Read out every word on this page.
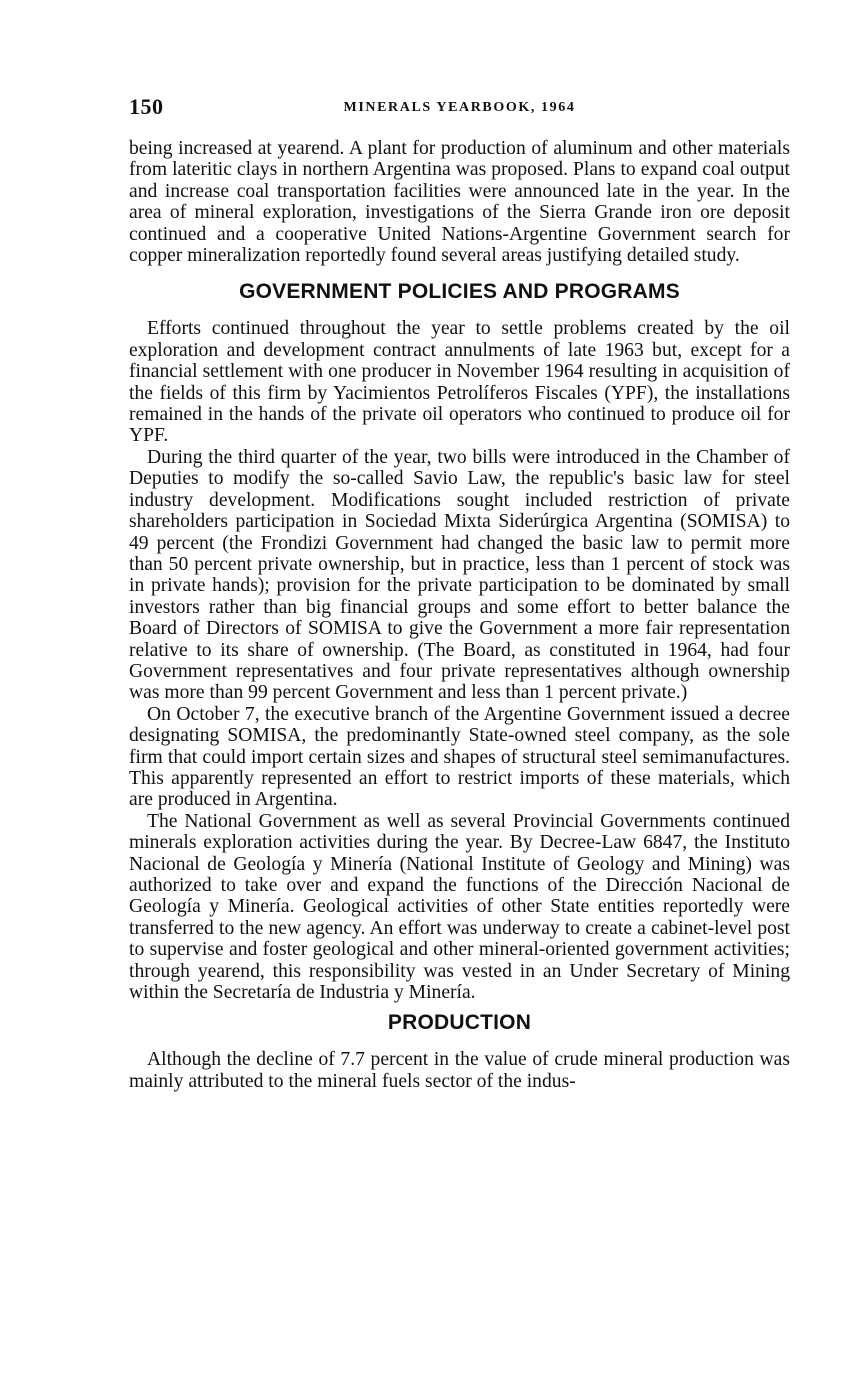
150	MINERALS YEARBOOK, 1964

being increased at yearend. A plant for production of aluminum and other materials from lateritic clays in northern Argentina was proposed. Plans to expand coal output and increase coal transportation facilities were announced late in the year. In the area of mineral exploration, investigations of the Sierra Grande iron ore deposit continued and a cooperative United Nations-Argentine Government search for copper mineralization reportedly found several areas justifying detailed study.

GOVERNMENT POLICIES AND PROGRAMS

Efforts continued throughout the year to settle problems created by the oil exploration and development contract annulments of late 1963 but, except for a financial settlement with one producer in November 1964 resulting in acquisition of the fields of this firm by Yacimientos Petrolíferos Fiscales (YPF), the installations remained in the hands of the private oil operators who continued to produce oil for YPF.

During the third quarter of the year, two bills were introduced in the Chamber of Deputies to modify the so-called Savio Law, the republic's basic law for steel industry development. Modifications sought included restriction of private shareholders participation in Sociedad Mixta Siderúrgica Argentina (SOMISA) to 49 percent (the Frondizi Government had changed the basic law to permit more than 50 percent private ownership, but in practice, less than 1 percent of stock was in private hands); provision for the private participation to be dominated by small investors rather than big financial groups and some effort to better balance the Board of Directors of SOMISA to give the Government a more fair representation relative to its share of ownership. (The Board, as constituted in 1964, had four Government representatives and four private representatives although ownership was more than 99 percent Government and less than 1 percent private.)

On October 7, the executive branch of the Argentine Government issued a decree designating SOMISA, the predominantly State-owned steel company, as the sole firm that could import certain sizes and shapes of structural steel semimanufactures. This apparently represented an effort to restrict imports of these materials, which are produced in Argentina.

The National Government as well as several Provincial Governments continued minerals exploration activities during the year. By Decree-Law 6847, the Instituto Nacional de Geología y Minería (National Institute of Geology and Mining) was authorized to take over and expand the functions of the Dirección Nacional de Geología y Minería. Geological activities of other State entities reportedly were transferred to the new agency. An effort was underway to create a cabinet-level post to supervise and foster geological and other mineral-oriented government activities; through yearend, this responsibility was vested in an Under Secretary of Mining within the Secretaría de Industria y Minería.

PRODUCTION

Although the decline of 7.7 percent in the value of crude mineral production was mainly attributed to the mineral fuels sector of the indus-
